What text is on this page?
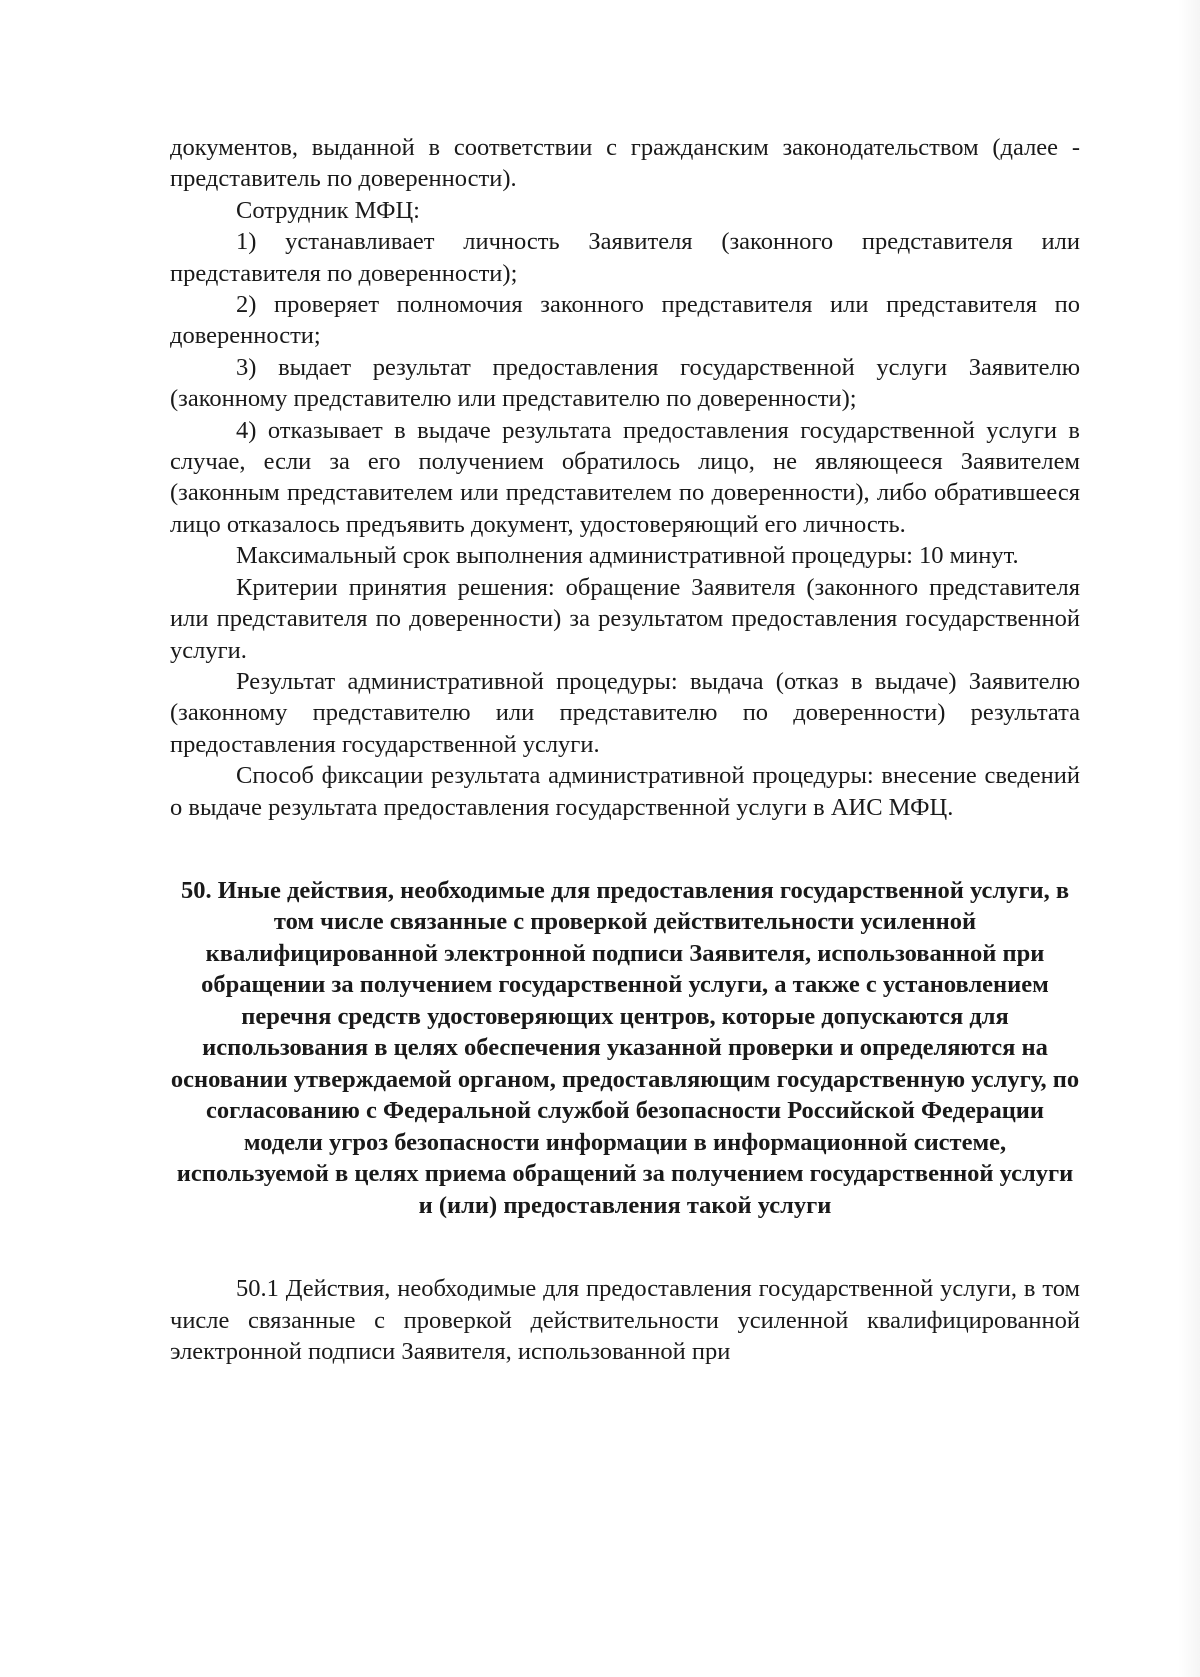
документов, выданной в соответствии с гражданским законодательством (далее - представитель по доверенности).

Сотрудник МФЦ:

1) устанавливает личность Заявителя (законного представителя или представителя по доверенности);

2) проверяет полномочия законного представителя или представителя по доверенности;

3) выдает результат предоставления государственной услуги Заявителю (законному представителю или представителю по доверенности);

4) отказывает в выдаче результата предоставления государственной услуги в случае, если за его получением обратилось лицо, не являющееся Заявителем (законным представителем или представителем по доверенности), либо обратившееся лицо отказалось предъявить документ, удостоверяющий его личность.

Максимальный срок выполнения административной процедуры: 10 минут.

Критерии принятия решения: обращение Заявителя (законного представителя или представителя по доверенности) за результатом предоставления государственной услуги.

Результат административной процедуры: выдача (отказ в выдаче) Заявителю (законному представителю или представителю по доверенности) результата предоставления государственной услуги.

Способ фиксации результата административной процедуры: внесение сведений о выдаче результата предоставления государственной услуги в АИС МФЦ.

50. Иные действия, необходимые для предоставления государственной услуги, в том числе связанные с проверкой действительности усиленной квалифицированной электронной подписи Заявителя, использованной при обращении за получением государственной услуги, а также с установлением перечня средств удостоверяющих центров, которые допускаются для использования в целях обеспечения указанной проверки и определяются на основании утверждаемой органом, предоставляющим государственную услугу, по согласованию с Федеральной службой безопасности Российской Федерации модели угроз безопасности информации в информационной системе, используемой в целях приема обращений за получением государственной услуги и (или) предоставления такой услуги

50.1 Действия, необходимые для предоставления государственной услуги, в том числе связанные с проверкой действительности усиленной квалифицированной электронной подписи Заявителя, использованной при
